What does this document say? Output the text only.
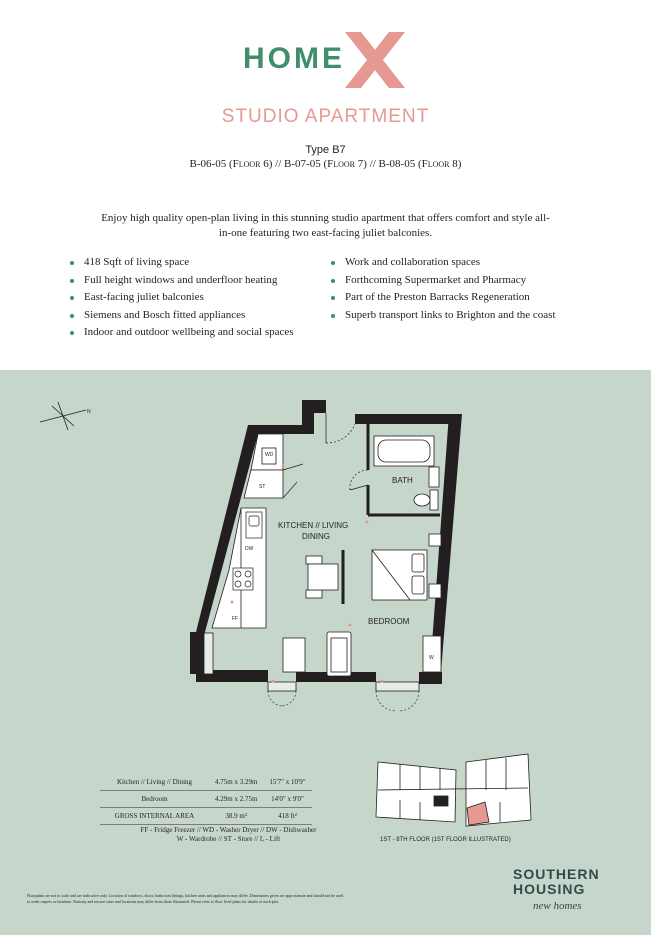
HOME
STUDIO APARTMENT
Type B7
B-06-05 (Floor 6) // B-07-05 (Floor 7) // B-08-05 (Floor 8)
Enjoy high quality open-plan living in this stunning studio apartment that offers comfort and style all-in-one featuring two east-facing juliet balconies.
418 Sqft of living space
Full height windows and underfloor heating
East-facing juliet balconies
Siemens and Bosch fitted appliances
Indoor and outdoor wellbeing and social spaces
Work and collaboration spaces
Forthcoming Supermarket and Pharmacy
Part of the Preston Barracks Regeneration
Superb transport links to Brighton and the coast
N
BATH
WD
ST
DW
FF
KITCHEN // LIVING
DINING
BEDROOM
W
Kitchen // Living // Dining	4.75m x 3.29m	15'7" x 10'9"
Bedroom	4.29m x 2.75m	14'0" x 9'0"
GROSS INTERNAL AREA	38.9 m²	418 ft²
FF - Fridge Freezer // WD - Washer Dryer // DW - Dishwasher
W - Wardrobe // ST - Store // L - Lift	1ST - 8TH FLOOR (1ST FLOOR ILLUSTRATED)
SOUTHERN
HOUSING
new homes
Floorplans are not to scale and are indicative only. Location of windows, doors, bathroom fittings, kitchen units and appliances may differ. Dimensions given are approximate and should not be used to order carpets or furniture. Balcony and terrace sizes and locations may differ from those illustrated. Please refer to floor level plans for details of each plot.
